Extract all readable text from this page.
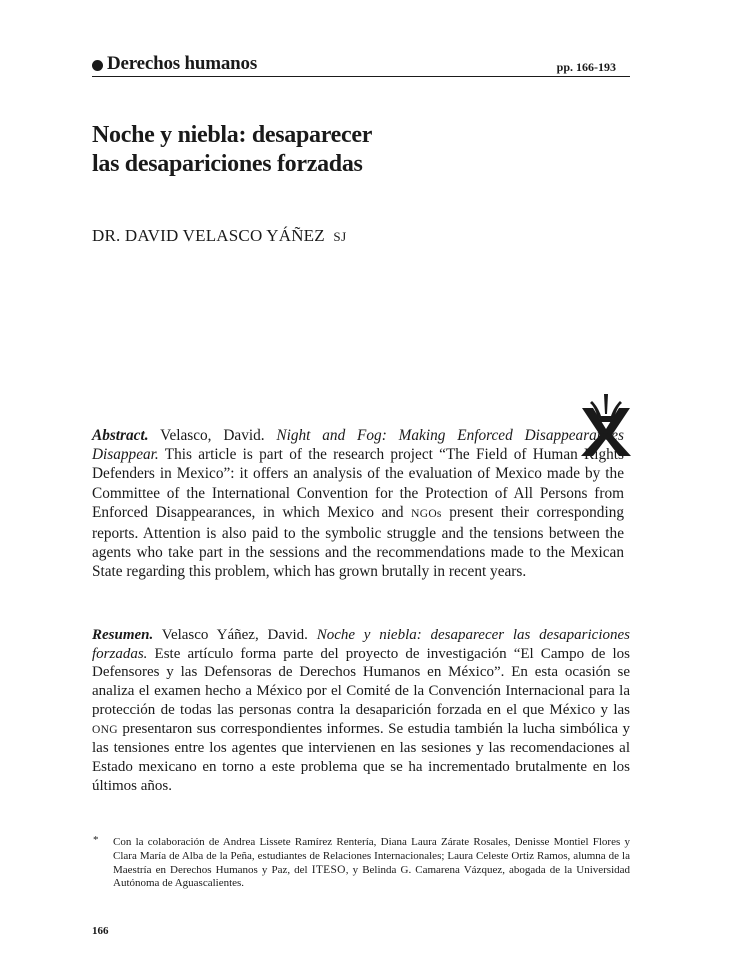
Derechos humanos	pp. 166-193
Noche y niebla: desaparecer
las desapariciones forzadas
DR. DAVID VELASCO YÁÑEZ SJ

Abstract. Velasco, David. Night and Fog: Making Enforced Disappearances Disappear. This article is part of the research project “The Field of Human Rights Defenders in Mexico”: it offers an analysis of the evaluation of Mexico made by the Committee of the International Convention for the Protection of All Persons from Enforced Disappearances, in which Mexico and NGOs present their corresponding reports. Attention is also paid to the symbolic struggle and the tensions between the agents who take part in the sessions and the recommendations made to the Mexican State regarding this problem, which has grown brutally in recent years.

Resumen. Velasco Yáñez, David. Noche y niebla: desaparecer las desapariciones forzadas. Este artículo forma parte del proyecto de investigación “El Campo de los Defensores y las Defensoras de Derechos Humanos en México”. En esta ocasión se analiza el examen hecho a México por el Comité de la Convención Internacional para la protección de todas las personas contra la desaparición forzada en el que México y las ONG presentaron sus correspondientes informes. Se estudia también la lucha simbólica y las tensiones entre los agentes que intervienen en las sesiones y las recomendaciones al Estado mexicano en torno a este problema que se ha incrementado brutalmente en los últimos años.

* Con la colaboración de Andrea Lissete Ramírez Rentería, Diana Laura Zárate Rosales, Denisse Montiel Flores y Clara María de Alba de la Peña, estudiantes de Relaciones Internacionales; Laura Celeste Ortiz Ramos, alumna de la Maestría en Derechos Humanos y Paz, del ITESO, y Belinda G. Camarena Vázquez, abogada de la Universidad Autónoma de Aguascalientes.

166
